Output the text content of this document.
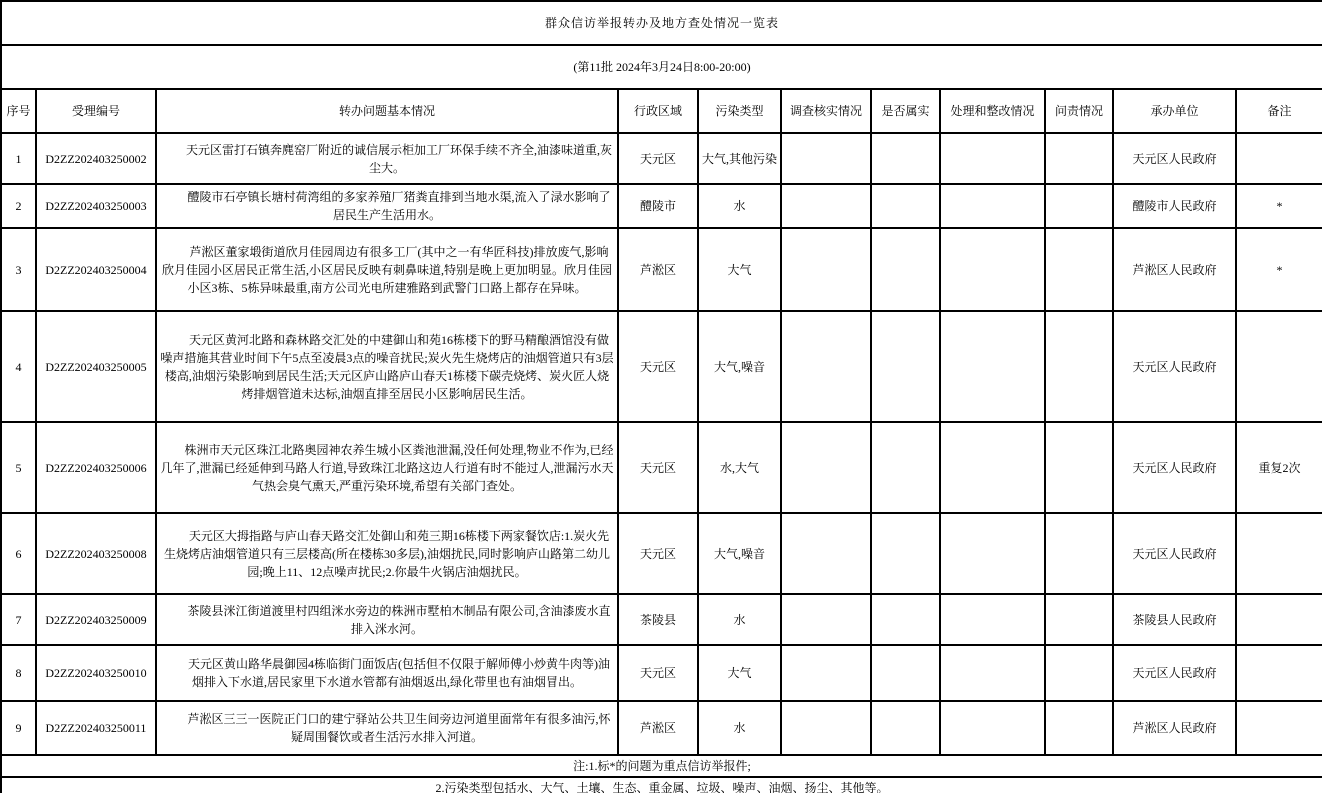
群众信访举报转办及地方查处情况一览表										
(第11批 2024年3月24日8:00-20:00)										
序号	受理编号	转办问题基本情况	行政区域	污染类型	调查核实情况	是否属实	处理和整改情况	问责情况	承办单位	备注
1	D2ZZ202403250002	天元区雷打石镇奔麂窑厂附近的诚信展示柜加工厂环保手续不齐全,油漆味道重,灰尘大。	天元区	大气,其他污染					天元区人民政府	
2	D2ZZ202403250003	醴陵市石亭镇长塘村荷湾组的多家养殖厂猪粪直排到当地水渠,流入了渌水影响了居民生产生活用水。	醴陵市	水					醴陵市人民政府	*
3	D2ZZ202403250004	芦淞区董家塅街道欣月佳园周边有很多工厂(其中之一有华匠科技)排放废气,影响欣月佳园小区居民正常生活,小区居民反映有刺鼻味道,特别是晚上更加明显。欣月佳园小区3栋、5栋异味最重,南方公司光电所建雅路到武警门口路上都存在异味。	芦淞区	大气					芦淞区人民政府	*
4	D2ZZ202403250005	天元区黄河北路和森林路交汇处的中建御山和苑16栋楼下的野马精酿酒馆没有做噪声措施其营业时间下午5点至凌晨3点的噪音扰民;炭火先生烧烤店的油烟管道只有3层楼高,油烟污染影响到居民生活;天元区庐山路庐山春天1栋楼下碳壳烧烤、炭火匠人烧烤排烟管道未达标,油烟直排至居民小区影响居民生活。	天元区	大气,噪音					天元区人民政府	
5	D2ZZ202403250006	株洲市天元区珠江北路奥园神农养生城小区粪池泄漏,没任何处理,物业不作为,已经几年了,泄漏已经延伸到马路人行道,导致珠江北路这边人行道有时不能过人,泄漏污水天气热会臭气熏天,严重污染环境,希望有关部门查处。	天元区	水,大气					天元区人民政府	重复2次
6	D2ZZ202403250008	天元区大拇指路与庐山春天路交汇处御山和苑三期16栋楼下两家餐饮店:1.炭火先生烧烤店油烟管道只有三层楼高(所在楼栋30多层),油烟扰民,同时影响庐山路第二幼儿园;晚上11、12点噪声扰民;2.你最牛火锅店油烟扰民。	天元区	大气,噪音					天元区人民政府	
7	D2ZZ202403250009	茶陵县洣江街道渡里村四组洣水旁边的株洲市墅柏木制品有限公司,含油漆废水直排入洣水河。	茶陵县	水					茶陵县人民政府	
8	D2ZZ202403250010	天元区黄山路华晨御园4栋临街门面饭店(包括但不仅限于解师傅小炒黄牛肉等)油烟排入下水道,居民家里下水道水管都有油烟返出,绿化带里也有油烟冒出。	天元区	大气					天元区人民政府	
9	D2ZZ202403250011	芦淞区三三一医院正门口的建宁驿站公共卫生间旁边河道里面常年有很多油污,怀疑周围餐饮或者生活污水排入河道。	芦淞区	水					芦淞区人民政府	
注:1.标*的问题为重点信访举报件;										
2.污染类型包括水、大气、土壤、生态、重金属、垃圾、噪声、油烟、扬尘、其他等。										
